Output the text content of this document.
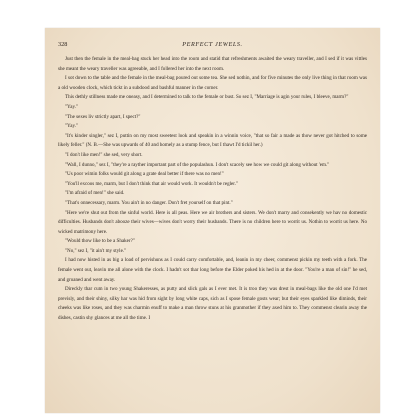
328	PERFECT JEWELS.

Just then the female in the meal-bag stuck her head into the room and statid that refreshments awaited the weary traveller, and I sed if it was vittles she meant the weary traveller was agreeable, and I follered her into the next room.

I sot down to the table and the female in the meal-bag poured out some tea. She sed nothin, and for five minutes the only live thing in that room was a old wooden clock, which tickt in a subdood and bashful manner in the corner.

This dethly stillness made me oneasy, and I determined to talk to the female or bust. So sez I, "Marriage is agin your rules, I bleeve, marm?"

"Yay."

"The sexes liv strictly apart, I spect?"

"Yay."

"It's kinder singler," sez I, puttin on my most sweetest look and speakin in a winnin voice, "that so fair a made as thow never got hitched to some likely feller." (N. B.—She was upwards of 40 and homely as a stump fence, but I thawt I'd tickil her.)

"I don't like men!" she sed, very short.

"Wall, I dunno," sez I, "they're a rayther important part of the populashun. I don't scacely see how we could git along without 'em."

"Us poor wimin folks would git along a grate deal better if there was no men!"

"You'll excoos me, marm, but I don't think that air would work. It wouldn't be regler."

"I'm afraid of men!" she said.

"That's onnecessary, marm. You ain't in no danger. Don't fret yourself on that pint."

"Here we're shut out from the sinful world. Here is all peas. Here we air brothers and sisters. We don't marry and consekently we hav no domestic difficulties. Husbands don't abooze their wives—wives don't worry their husbands. There is no children here to worrit us. Nothin to worrit us here. No wicked matrimony here.

"Would thow like to be a Shaker?"

"No," sez I, "it ain't my style."

I had now histed in as big a load of pervishuns as I could carry comfortable, and, leanin in my cheer, commenst pickin my teeth with a fork. The female went out, leavin me all alone with the clock. I hadn't sot thar long before the Elder poked his hed in at the door. "You're a man of sin!" he sed, and groaned and went away.

Direckly thar cum in two young Shakeresses, as putty and slick gals as I ever met. It is troo they was drest in meal-bags like the old one I'd met previsly, and their shiny, silky har was hid from sight by long white caps, sich as I spose female gosts wear; but their eyes sparkled like diminds, their cheeks was like roses, and they was charmin enuff to make a man throw stuns at his granmother if they axed him to. They commenst clearin away the dishes, castin shy glances at me all the time. I
